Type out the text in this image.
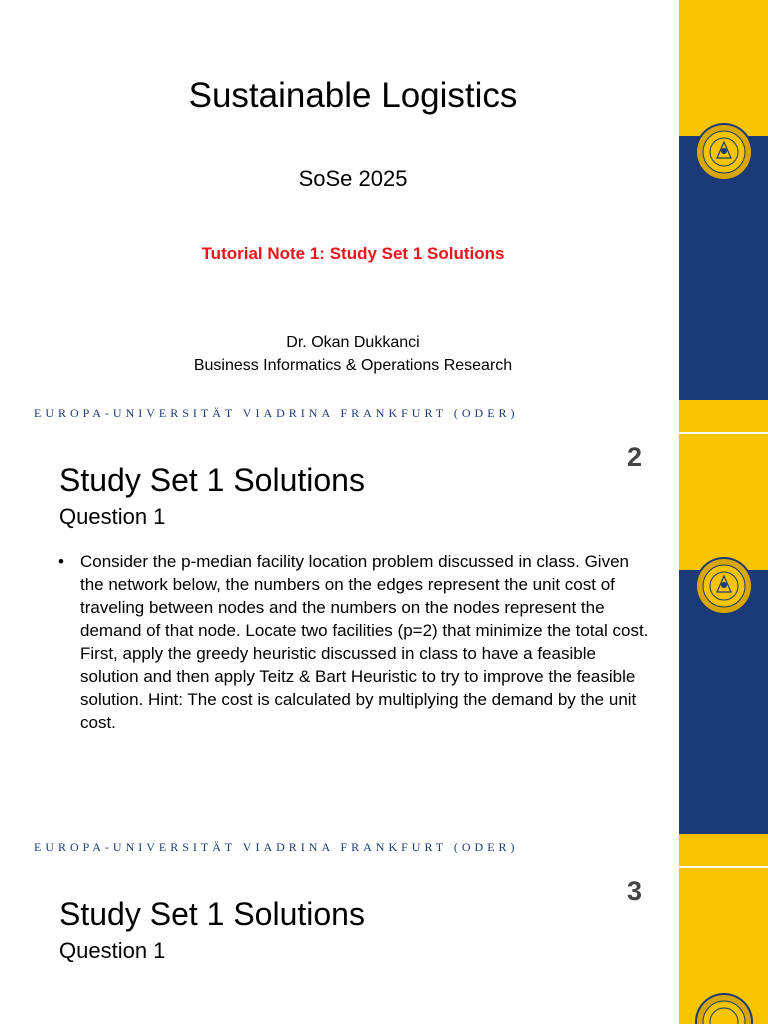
Sustainable Logistics
SoSe 2025
Tutorial Note 1: Study Set 1 Solutions
Dr. Okan Dukkanci
Business Informatics & Operations Research
EUROPA-UNIVERSITÄT VIADRINA FRANKFURT (ODER)
2
Study Set 1 Solutions
Question 1
• Consider the p-median facility location problem discussed in class. Given the network below, the numbers on the edges represent the unit cost of traveling between nodes and the numbers on the nodes represent the demand of that node. Locate two facilities (p=2) that minimize the total cost. First, apply the greedy heuristic discussed in class to have a feasible solution and then apply Teitz & Bart Heuristic to try to improve the feasible solution. Hint: The cost is calculated by multiplying the demand by the unit cost.
EUROPA-UNIVERSITÄT VIADRINA FRANKFURT (ODER)
3
Study Set 1 Solutions
Question 1
